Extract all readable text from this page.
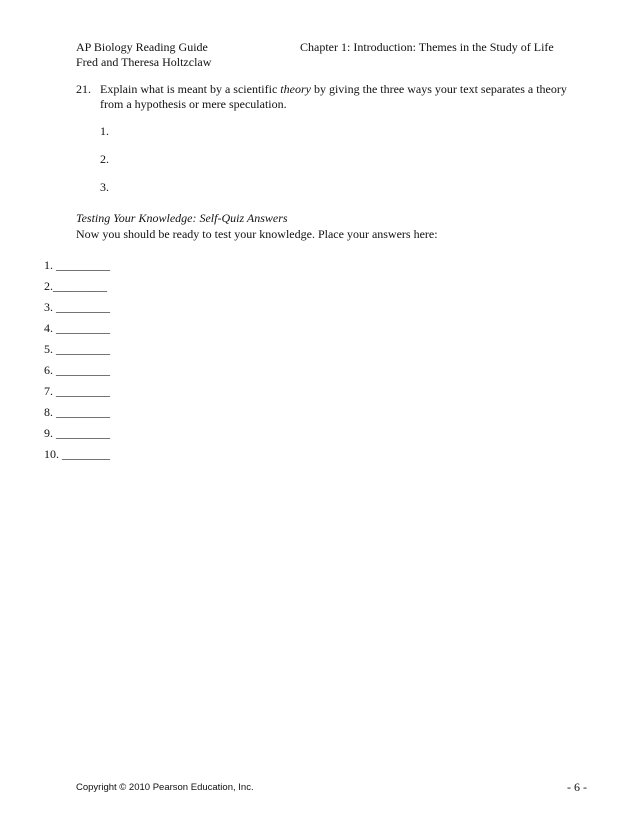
AP Biology Reading Guide
Fred and Theresa Holtzclaw
Chapter 1: Introduction: Themes in the Study of Life
21. Explain what is meant by a scientific theory by giving the three ways your text separates a theory
from a hypothesis or mere speculation.
1.
2.
3.
Testing Your Knowledge: Self-Quiz Answers
Now you should be ready to test your knowledge. Place your answers here:
1. _________
2._________
3. _________
4. _________
5. _________
6. _________
7. _________
8. _________
9. _________
10. ________
Copyright © 2010 Pearson Education, Inc.	- 6 -
